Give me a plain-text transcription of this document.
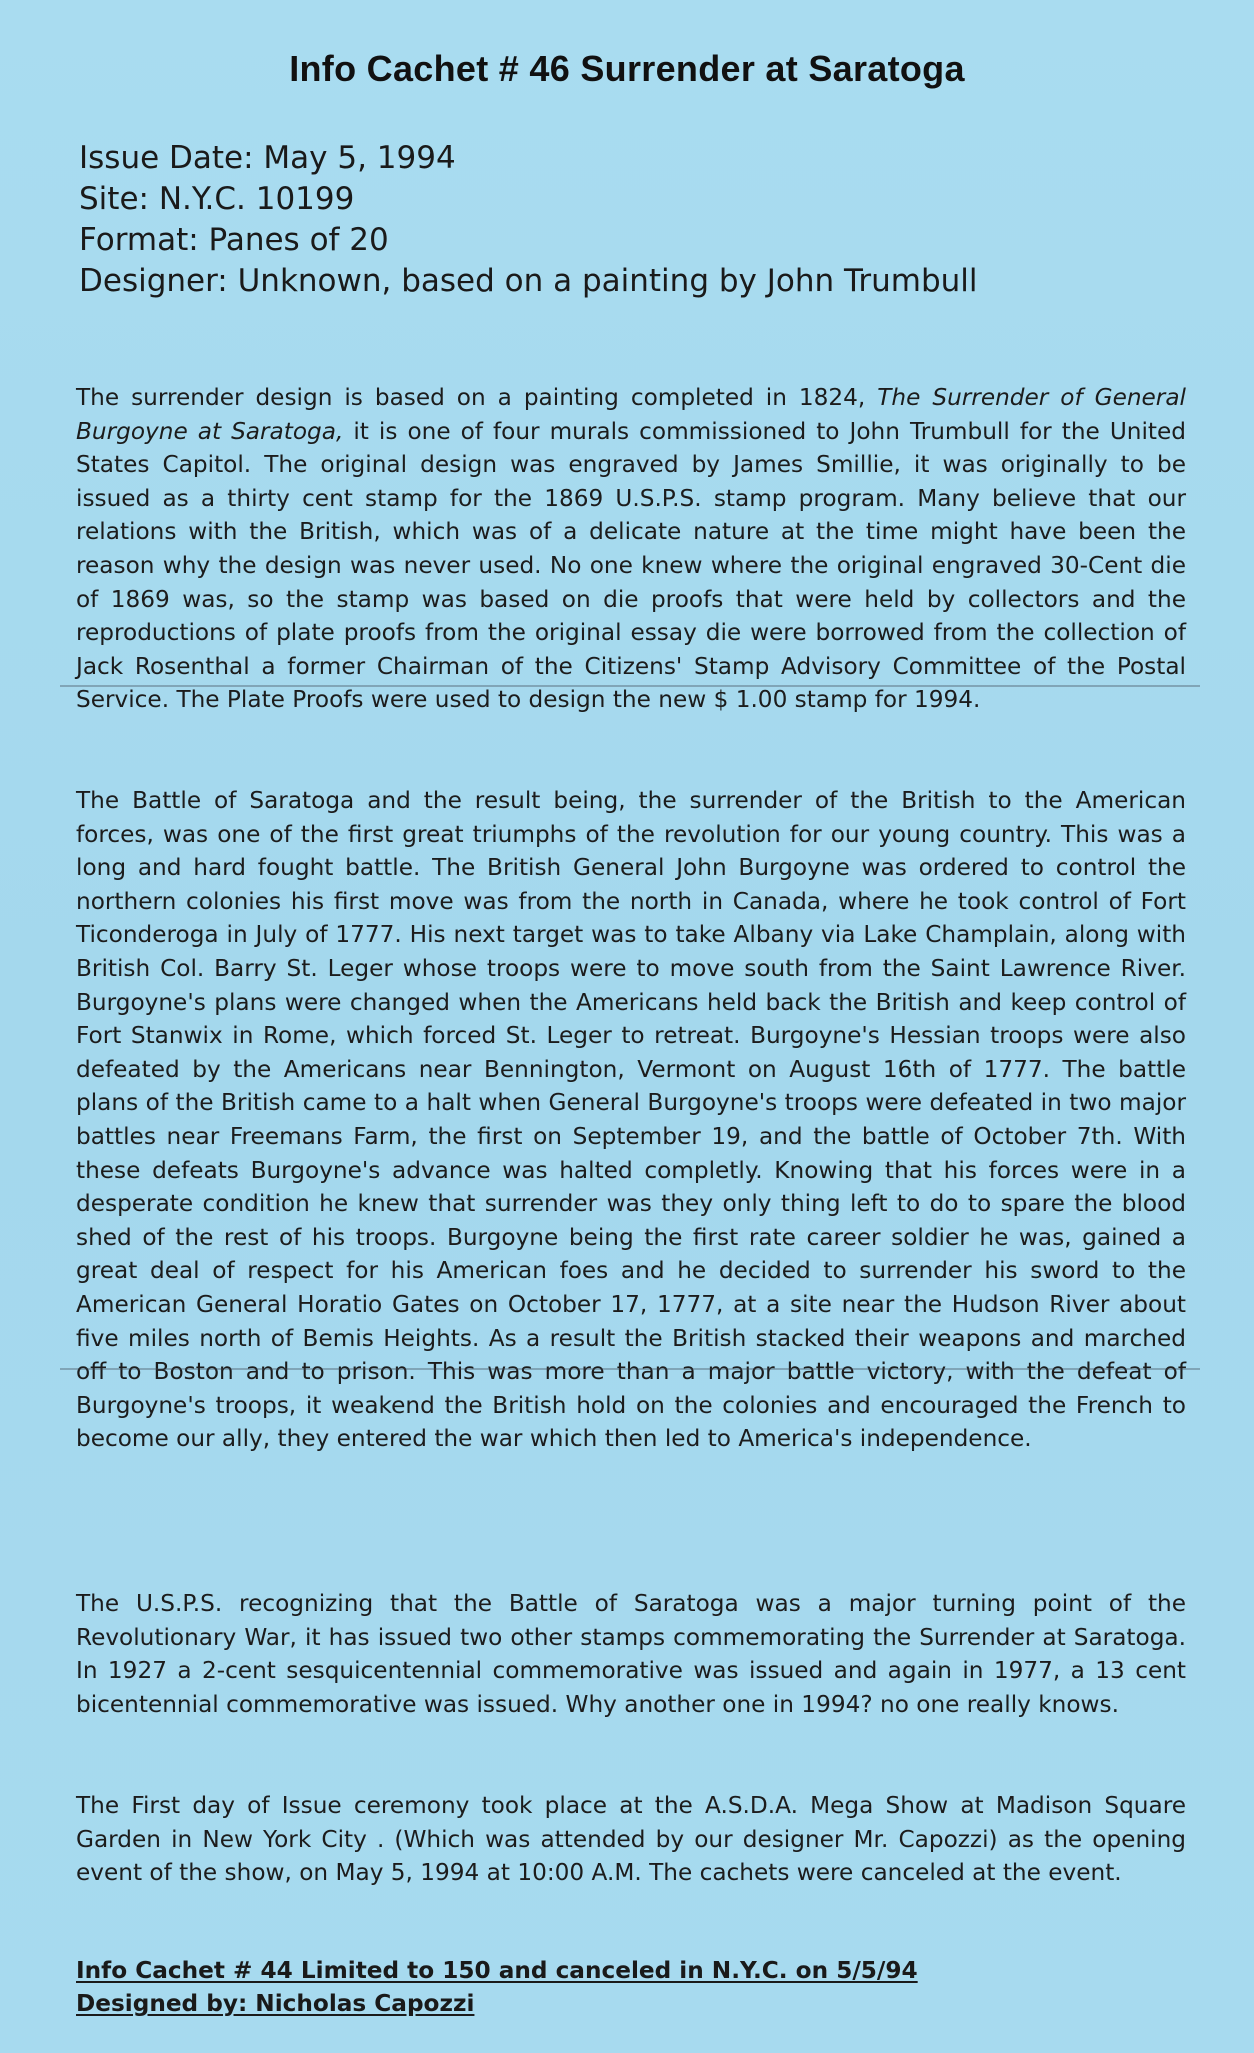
Info Cachet # 46 Surrender at Saratoga
Issue Date: May 5, 1994
Site: N.Y.C. 10199
Format: Panes of 20
Designer: Unknown, based on a painting by John Trumbull
The surrender design is based on a painting completed in 1824, The Surrender of General Burgoyne at Saratoga, it is one of four murals commissioned to John Trumbull for the United States Capitol. The original design was engraved by James Smillie, it was originally to be issued as a thirty cent stamp for the 1869 U.S.P.S. stamp program. Many believe that our relations with the British, which was of a delicate nature at the time might have been the reason why the design was never used. No one knew where the original engraved 30-Cent die of 1869 was, so the stamp was based on die proofs that were held by collectors and the reproductions of plate proofs from the original essay die were borrowed from the collection of Jack Rosenthal a former Chairman of the Citizens' Stamp Advisory Committee of the Postal Service. The Plate Proofs were used to design the new $ 1.00 stamp for 1994.
The Battle of Saratoga and the result being, the surrender of the British to the American forces, was one of the first great triumphs of the revolution for our young country. This was a long and hard fought battle. The British General John Burgoyne was ordered to control the northern colonies his first move was from the north in Canada, where he took control of Fort Ticonderoga in July of 1777. His next target was to take Albany via Lake Champlain, along with British Col. Barry St. Leger whose troops were to move south from the Saint Lawrence River. Burgoyne's plans were changed when the Americans held back the British and keep control of Fort Stanwix in Rome, which forced St. Leger to retreat. Burgoyne's Hessian troops were also defeated by the Americans near Bennington, Vermont on August 16th of 1777. The battle plans of the British came to a halt when General Burgoyne's troops were defeated in two major battles near Freemans Farm, the first on September 19, and the battle of October 7th. With these defeats Burgoyne's advance was halted completly. Knowing that his forces were in a desperate condition he knew that surrender was they only thing left to do to spare the blood shed of the rest of his troops. Burgoyne being the first rate career soldier he was, gained a great deal of respect for his American foes and he decided to surrender his sword to the American General Horatio Gates on October 17, 1777, at a site near the Hudson River about five miles north of Bemis Heights. As a result the British stacked their weapons and marched off to Boston and to prison. This was more than a major battle victory, with the defeat of Burgoyne's troops, it weakend the British hold on the colonies and encouraged the French to become our ally, they entered the war which then led to America's independence.
The U.S.P.S. recognizing that the Battle of Saratoga was a major turning point of the Revolutionary War, it has issued two other stamps commemorating the Surrender at Saratoga. In 1927 a 2-cent sesquicentennial commemorative was issued and again in 1977, a 13 cent bicentennial commemorative was issued. Why another one in 1994? no one really knows.
The First day of Issue ceremony took place at the A.S.D.A. Mega Show at Madison Square Garden in New York City . (Which was attended by our designer Mr. Capozzi) as the opening event of the show, on May 5, 1994 at 10:00 A.M. The cachets were canceled at the event.
Info Cachet # 44 Limited to 150 and canceled in N.Y.C. on 5/5/94
Designed by: Nicholas Capozzi
